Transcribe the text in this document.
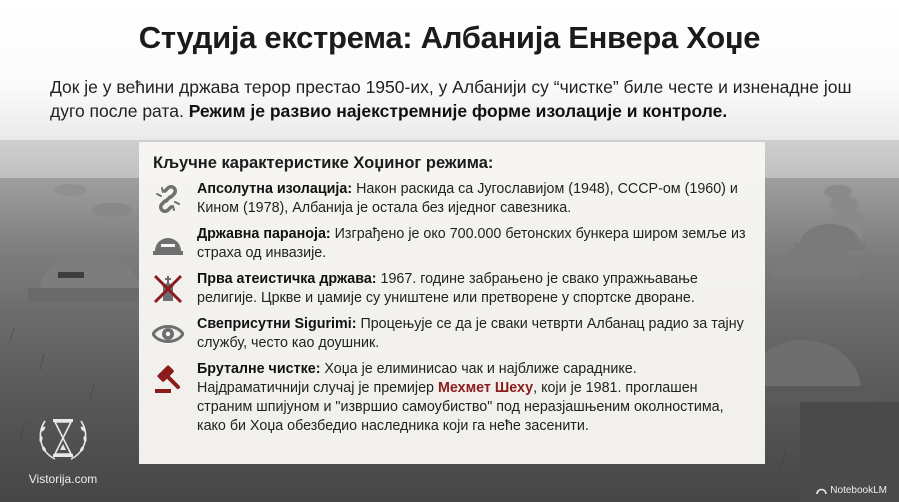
Студија екстрема: Албанија Енвера Хоџе

Док је у већини држава терор престао 1950-их, у Албанији су “чистке” биле честе и изненадне још дуго после рата. Режим је развио најекстремније форме изолације и контроле.

Кључне карактеристике Хоџиног режима:
Апсолутна изолација: Након раскида са Југославијом (1948), СССР-ом (1960) и Кином (1978), Албанија је остала без иједног савезника.
Државна паранојa: Изграђено је око 700.000 бетонских бункера широм земље из страха од инвазије.
Прва атеистичка држава: 1967. године забрањено је свако упражњавање религије. Цркве и џамије су уништене или претворене у спортске дворане.
Свеприсутни Sigurimi: Процењује се да је сваки четврти Албанац радио за тајну службу, често као доушник.
Бруталне чистке: Хоџа је елиминисао чак и најближе сараднике. Најдраматичнији случај је премијер Мехмет Шеху, који је 1981. проглашен страним шпијуном и "извршио самоубиство" под неразјашњеним околностима, како би Хоџа обезбедио наследника који га неће засенити.
Vistorija.com
NotebookLM
